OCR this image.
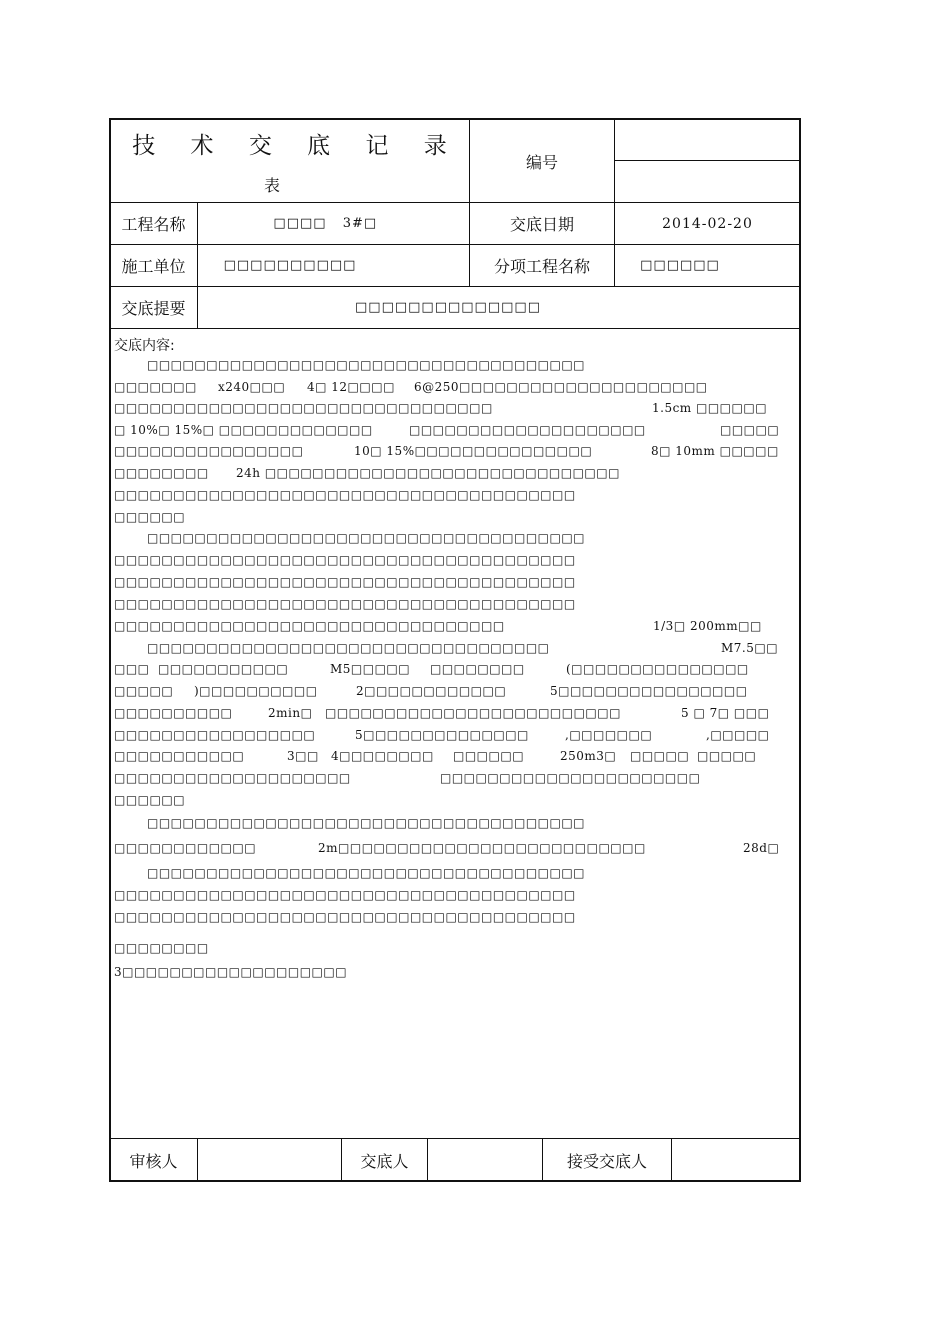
技 术 交 底 记 录
表
编号
工程名称	□□□□ 3#□	交底日期	2014-02-20
施工单位	□□□□□□□□□□	分项工程名称	□□□□□□
交底提要	□□□□□□□□□□□□□□
交底内容:
□□□□□□□□□□□□□□□□□□□□□□□□□□□□□□□□□□□□□
□□□□□□□ x240□□□ 4□ 12□□□□ 6@250□□□□□□□□□□□□□□□□□□□□□
□□□□□□□□□□□□□□□□□□□□□□□□□□□□□□□□	1.5cm □□□□□□
□ 10%□ 15%□ □□□□□□□□□□□□□	□□□□□□□□□□□□□□□□□□□□	□□□□□
□□□□□□□□□□□□□□□□	10□ 15%□□□□□□□□□□□□□□□	8□ 10mm □□□□□
□□□□□□□□ 24h □□□□□□□□□□□□□□□□□□□□□□□□□□□□□□
□□□□□□□□□□□□□□□□□□□□□□□□□□□□□□□□□□□□□□□
□□□□□□
□□□□□□□□□□□□□□□□□□□□□□□□□□□□□□□□□□□□□
□□□□□□□□□□□□□□□□□□□□□□□□□□□□□□□□□□□□□□□
□□□□□□□□□□□□□□□□□□□□□□□□□□□□□□□□□□□□□□□
□□□□□□□□□□□□□□□□□□□□□□□□□□□□□□□□□□□□□□□
□□□□□□□□□□□□□□□□□□□□□□□□□□□□□□□□□	1/3□ 200mm□□
□□□□□□□□□□□□□□□□□□□□□□□□□□□□□□□□□□	M7.5□□
□□□ □□□□□□□□□□□	M5□□□□□ □□□□□□□□	(□□□□□□□□□□□□□□□
□□□□□ )□□□□□□□□□□	2□□□□□□□□□□□□	5□□□□□□□□□□□□□□□□
□□□□□□□□□□	2min□ □□□□□□□□□□□□□□□□□□□□□□□□□	5 □ 7□ □□□
□□□□□□□□□□□□□□□□□	5□□□□□□□□□□□□□□	,□□□□□□□	,□□□□□
□□□□□□□□□□□	3□□ 4□□□□□□□□ □□□□□□	250m3□ □□□□□ □□□□□
□□□□□□□□□□□□□□□□□□□□	□□□□□□□□□□□□□□□□□□□□□□
□□□□□□
□□□□□□□□□□□□□□□□□□□□□□□□□□□□□□□□□□□□□
□□□□□□□□□□□□	2m□□□□□□□□□□□□□□□□□□□□□□□□□□	28d□
□□□□□□□□□□□□□□□□□□□□□□□□□□□□□□□□□□□□□
□□□□□□□□□□□□□□□□□□□□□□□□□□□□□□□□□□□□□□□
□□□□□□□□□□□□□□□□□□□□□□□□□□□□□□□□□□□□□□□
□□□□□□□□
3□□□□□□□□□□□□□□□□□□□
审核人	交底人	接受交底人
